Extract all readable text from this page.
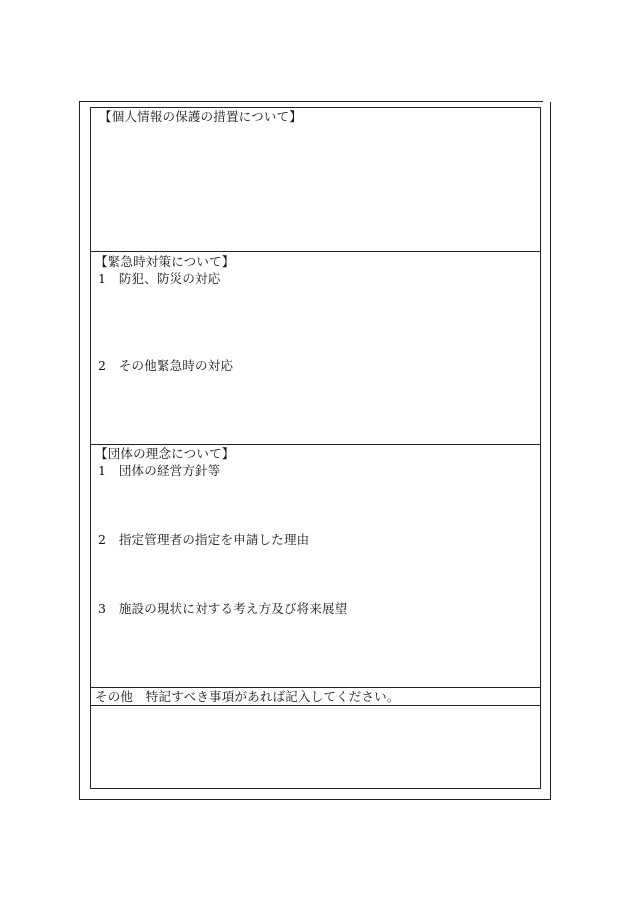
【個人情報の保護の措置について】
【緊急時対策について】
1　防犯、防災の対応
2　その他緊急時の対応
【団体の理念について】
1　団体の経営方針等
2　指定管理者の指定を申請した理由
3　施設の現状に対する考え方及び将来展望
その他　特記すべき事項があれば記入してください。
